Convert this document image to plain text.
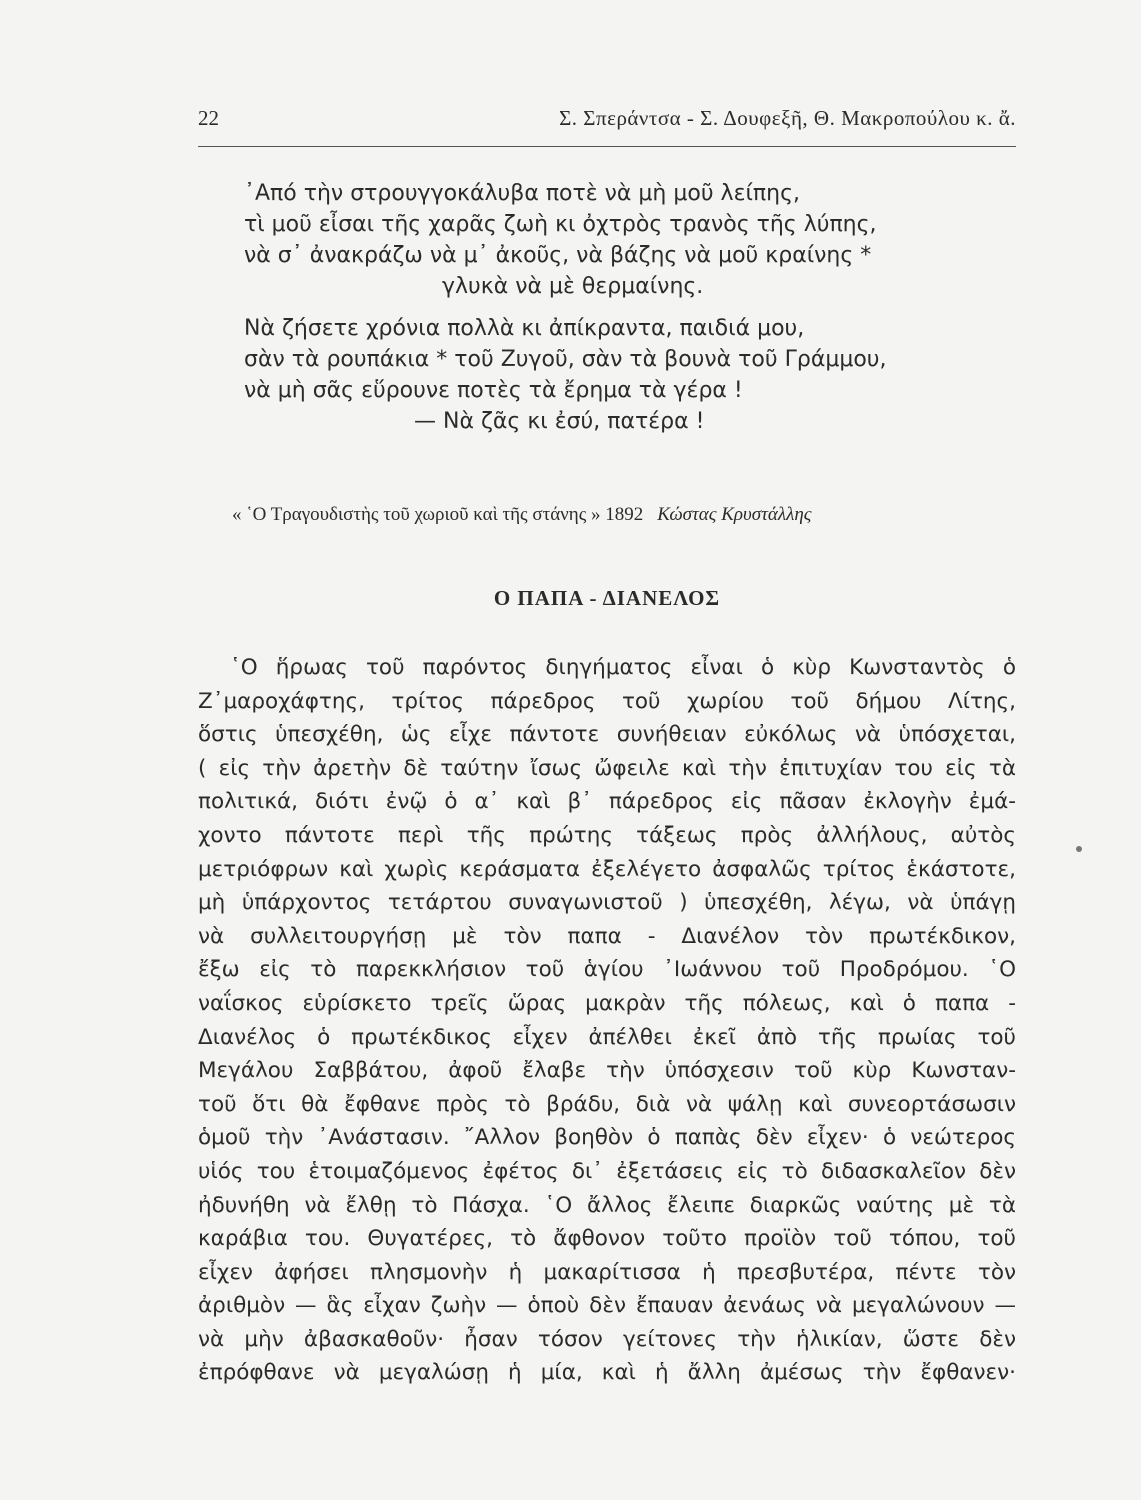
22	Σ. Σπεράντσα - Σ. Δουφεξῆ, Θ. Μακροπούλου κ. ἄ.
᾽Από τὴν στρουγγοκάλυβα ποτὲ νὰ μὴ μοῦ λείπης,
τὶ μοῦ εἶσαι τῆς χαρᾶς ζωὴ κι ὀχτρὸς τρανὸς τῆς λύπης,
νὰ σ᾽ ἀνακράζω νὰ μ᾽ ἀκοῦς, νὰ βάζης νὰ μοῦ κραίνης *
γλυκὰ νὰ μὲ θερμαίνης.
Νὰ ζήσετε χρόνια πολλὰ κι ἀπίκραντα, παιδιά μου,
σὰν τὰ ρουπάκια * τοῦ Ζυγοῦ, σὰν τὰ βουνὰ τοῦ Γράμμου,
νὰ μὴ σᾶς εὕρουνε ποτὲς τὰ ἔρημα τὰ γέρα !
— Νὰ ζᾶς κι ἐσύ, πατέρα !
« ῾Ο Τραγουδιστὴς τοῦ χωριοῦ καὶ τῆς στάνης » 1892 Κώστας Κρυστάλλης
Ο ΠΑΠΑ - ΔΙΑΝΕΛΟΣ
῾Ο ἥρωας τοῦ παρόντος διηγήματος εἶναι ὁ κὺρ Κωνσταντὸς ὁ
Ζ᾽μαροχάφτης, τρίτος πάρεδρος τοῦ χωρίου τοῦ δήμου Λίτης,
ὅστις ὑπεσχέθη, ὡς εἶχε πάντοτε συνήθειαν εὐκόλως νὰ ὑπόσχεται,
( εἰς τὴν ἀρετὴν δὲ ταύτην ἴσως ὤφειλε καὶ τὴν ἐπιτυχίαν του εἰς τὰ
πολιτικά, διότι ἐνῷ ὁ α᾽ καὶ β᾽ πάρεδρος εἰς πᾶσαν ἐκλογὴν ἐμά-
χοντο πάντοτε περὶ τῆς πρώτης τάξεως πρὸς ἀλλήλους, αὐτὸς
μετριόφρων καὶ χωρὶς κεράσματα ἐξελέγετο ἀσφαλῶς τρίτος ἑκάστοτε,
μὴ ὑπάρχοντος τετάρτου συναγωνιστοῦ ) ὑπεσχέθη, λέγω, νὰ ὑπάγῃ
νὰ συλλειτουργήσῃ μὲ τὸν παπα - Διανέλον τὸν πρωτέκδικον,
ἔξω εἰς τὸ παρεκκλήσιον τοῦ ἁγίου ᾽Ιωάννου τοῦ Προδρόμου. ῾Ο
ναΐσκος εὑρίσκετο τρεῖς ὥρας μακρὰν τῆς πόλεως, καὶ ὁ παπα -
Διανέλος ὁ πρωτέκδικος εἶχεν ἀπέλθει ἐκεῖ ἀπὸ τῆς πρωίας τοῦ
Μεγάλου Σαββάτου, ἀφοῦ ἔλαβε τὴν ὑπόσχεσιν τοῦ κὺρ Κωνσταν-
τοῦ ὅτι θὰ ἔφθανε πρὸς τὸ βράδυ, διὰ νὰ ψάλῃ καὶ συνεορτάσωσιν
ὁμοῦ τὴν ᾽Ανάστασιν. ῎Αλλον βοηθὸν ὁ παπὰς δὲν εἶχεν· ὁ νεώτερος
υἱός του ἑτοιμαζόμενος ἐφέτος δι᾽ ἐξετάσεις εἰς τὸ διδασκαλεῖον δὲν
ἠδυνήθη νὰ ἔλθῃ τὸ Πάσχα. ῾Ο ἄλλος ἔλειπε διαρκῶς ναύτης μὲ τὰ
καράβια του. Θυγατέρες, τὸ ἄφθονον τοῦτο προϊὸν τοῦ τόπου, τοῦ
εἶχεν ἀφήσει πλησμονὴν ἡ μακαρίτισσα ἡ πρεσβυτέρα, πέντε τὸν
ἀριθμὸν — ἃς εἶχαν ζωὴν — ὁποὺ δὲν ἔπαυαν ἀενάως νὰ μεγαλώνουν —
νὰ μὴν ἀβασκαθοῦν· ἦσαν τόσον γείτονες τὴν ἡλικίαν, ὥστε δὲν
ἐπρόφθανε νὰ μεγαλώσῃ ἡ μία, καὶ ἡ ἄλλη ἀμέσως τὴν ἔφθανεν·
